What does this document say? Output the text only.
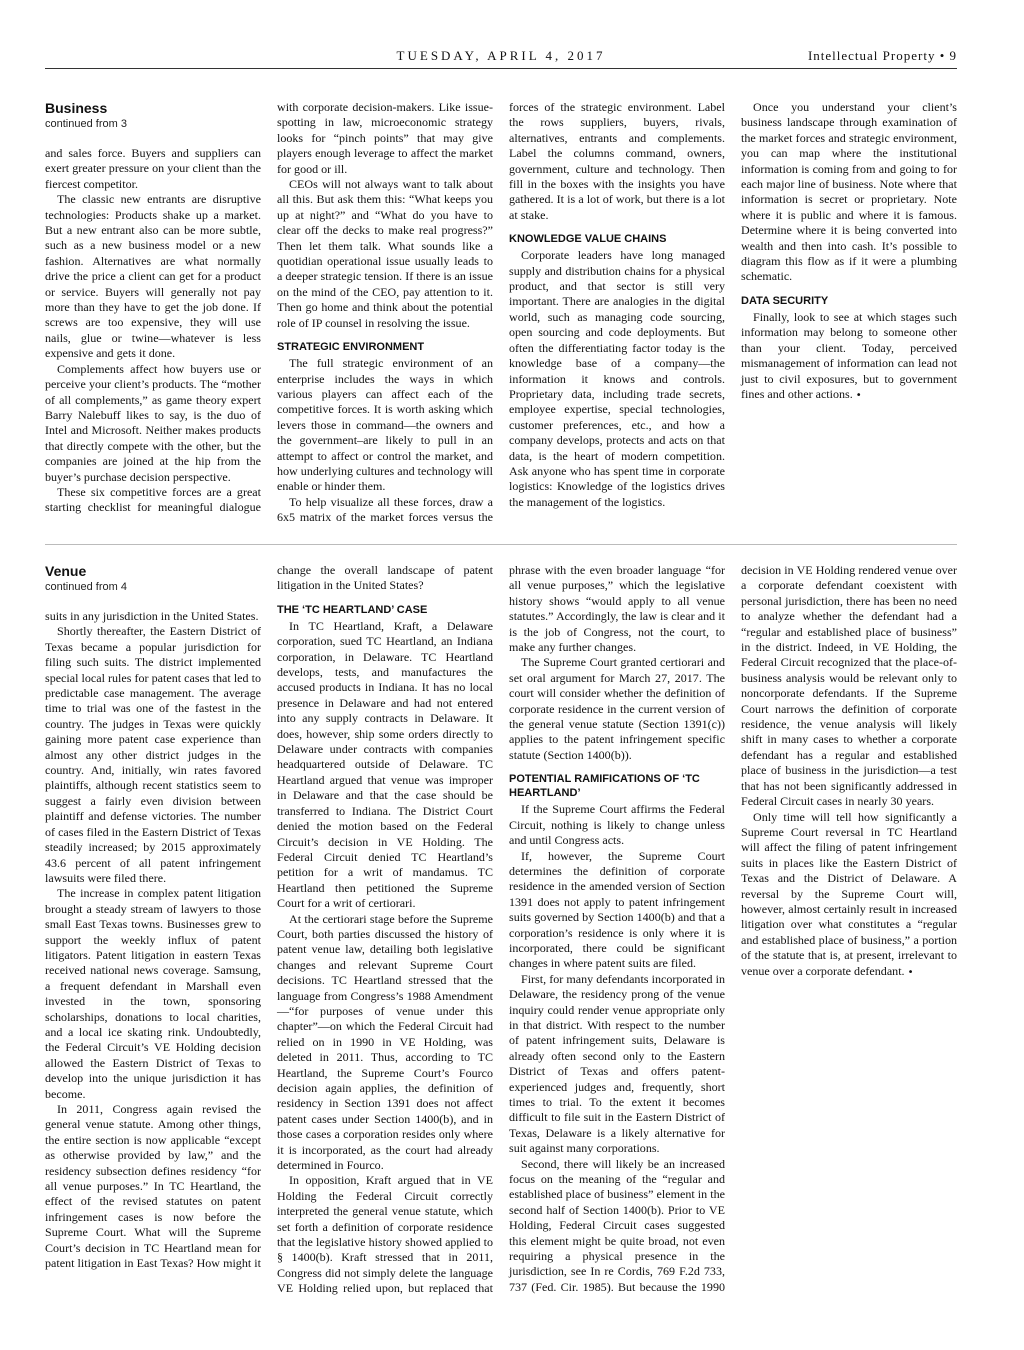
TUESDAY, APRIL 4, 2017	Intellectual Property • 9
Business
continued from 3

and sales force. Buyers and suppliers can exert greater pressure on your client than the fiercest competitor.

The classic new entrants are disruptive technologies: Products shake up a market. But a new entrant also can be more subtle, such as a new business model or a new fashion. Alternatives are what normally drive the price a client can get for a product or service. Buyers will generally not pay more than they have to get the job done. If screws are too expensive, they will use nails, glue or twine—whatever is less expensive and gets it done.

Complements affect how buyers use or perceive your client’s products. The “mother of all complements,” as game theory expert Barry Nalebuff likes to say, is the duo of Intel and Microsoft. Neither makes products that directly compete with the other, but the companies are joined at the hip from the buyer’s purchase decision perspective.

These six competitive forces are a great starting checklist for meaningful dialogue with corporate decision-makers. Like issue-spotting in law, microeconomic strategy looks for “pinch points” that may give players enough leverage to affect the market for good or ill.

CEOs will not always want to talk about all this. But ask them this: “What keeps you up at night?” and “What do you have to clear off the decks to make real progress?” Then let them talk. What sounds like a quotidian operational issue usually leads to a deeper strategic tension. If there is an issue on the mind of the CEO, pay attention to it. Then go home and think about the potential role of IP counsel in resolving the issue.

STRATEGIC ENVIRONMENT

The full strategic environment of an enterprise includes the ways in which various players can affect each of the competitive forces. It is worth asking which levers those in command—the owners and the government–are likely to pull in an attempt to affect or control the market, and how underlying cultures and technology will enable or hinder them.

To help visualize all these forces, draw a 6x5 matrix of the market forces versus the forces of the strategic environment. Label the rows suppliers, buyers, rivals, alternatives, entrants and complements. Label the columns command, owners, government, culture and technology. Then fill in the boxes with the insights you have gathered. It is a lot of work, but there is a lot at stake.

KNOWLEDGE VALUE CHAINS

Corporate leaders have long managed supply and distribution chains for a physical product, and that sector is still very important. There are analogies in the digital world, such as managing code sourcing, open sourcing and code deployments. But often the differentiating factor today is the knowledge base of a company—the information it knows and controls. Proprietary data, including trade secrets, employee expertise, special technologies, customer preferences, etc., and how a company develops, protects and acts on that data, is the heart of modern competition. Ask anyone who has spent time in corporate logistics: Knowledge of the logistics drives the management of the logistics.

Once you understand your client’s business landscape through examination of the market forces and strategic environment, you can map where the institutional information is coming from and going to for each major line of business. Note where that information is secret or proprietary. Note where it is public and where it is famous. Determine where it is being converted into wealth and then into cash. It’s possible to diagram this flow as if it were a plumbing schematic.

DATA SECURITY

Finally, look to see at which stages such information may belong to someone other than your client. Today, perceived mismanagement of information can lead not just to civil exposures, but to government fines and other actions. •

Venue
continued from 4

suits in any jurisdiction in the United States.

Shortly thereafter, the Eastern District of Texas became a popular jurisdiction for filing such suits. The district implemented special local rules for patent cases that led to predictable case management. The average time to trial was one of the fastest in the country. The judges in Texas were quickly gaining more patent case experience than almost any other district judges in the country. And, initially, win rates favored plaintiffs, although recent statistics seem to suggest a fairly even division between plaintiff and defense victories. The number of cases filed in the Eastern District of Texas steadily increased; by 2015 approximately 43.6 percent of all patent infringement lawsuits were filed there.

The increase in complex patent litigation brought a steady stream of lawyers to those small East Texas towns. Businesses grew to support the weekly influx of patent litigators. Patent litigation in eastern Texas received national news coverage. Samsung, a frequent defendant in Marshall even invested in the town, sponsoring scholarships, donations to local charities, and a local ice skating rink. Undoubtedly, the Federal Circuit’s VE Holding decision allowed the Eastern District of Texas to develop into the unique jurisdiction it has become.

In 2011, Congress again revised the general venue statute. Among other things, the entire section is now applicable “except as otherwise provided by law,” and the residency subsection defines residency “for all venue purposes.” In TC Heartland, the effect of the revised statutes on patent infringement cases is now before the Supreme Court. What will the Supreme Court’s decision in TC Heartland mean for patent litigation in East Texas? How might it change the overall landscape of patent litigation in the United States?

THE ‘TC HEARTLAND’ CASE

In TC Heartland, Kraft, a Delaware corporation, sued TC Heartland, an Indiana corporation, in Delaware. TC Heartland develops, tests, and manufactures the accused products in Indiana. It has no local presence in Delaware and had not entered into any supply contracts in Delaware. It does, however, ship some orders directly to Delaware under contracts with companies headquartered outside of Delaware. TC Heartland argued that venue was improper in Delaware and that the case should be transferred to Indiana. The District Court denied the motion based on the Federal Circuit’s decision in VE Holding. The Federal Circuit denied TC Heartland’s petition for a writ of mandamus. TC Heartland then petitioned the Supreme Court for a writ of certiorari.

At the certiorari stage before the Supreme Court, both parties discussed the history of patent venue law, detailing both legislative changes and relevant Supreme Court decisions. TC Heartland stressed that the language from Congress’s 1988 Amendment—“for purposes of venue under this chapter”—on which the Federal Circuit had relied on in 1990 in VE Holding, was deleted in 2011. Thus, according to TC Heartland, the Supreme Court’s Fourco decision again applies, the definition of residency in Section 1391 does not affect patent cases under Section 1400(b), and in those cases a corporation resides only where it is incorporated, as the court had already determined in Fourco.

In opposition, Kraft argued that in VE Holding the Federal Circuit correctly interpreted the general venue statute, which set forth a definition of corporate residence that the legislative history showed applied to § 1400(b). Kraft stressed that in 2011, Congress did not simply delete the language VE Holding relied upon, but replaced that phrase with the even broader language “for all venue purposes,” which the legislative history shows “would apply to all venue statutes.” Accordingly, the law is clear and it is the job of Congress, not the court, to make any further changes.

The Supreme Court granted certiorari and set oral argument for March 27, 2017. The court will consider whether the definition of corporate residence in the current version of the general venue statute (Section 1391(c)) applies to the patent infringement specific statute (Section 1400(b)).

POTENTIAL RAMIFICATIONS OF ‘TC HEARTLAND’

If the Supreme Court affirms the Federal Circuit, nothing is likely to change unless and until Congress acts.

If, however, the Supreme Court determines the definition of corporate residence in the amended version of Section 1391 does not apply to patent infringement suits governed by Section 1400(b) and that a corporation’s residence is only where it is incorporated, there could be significant changes in where patent suits are filed.

First, for many defendants incorporated in Delaware, the residency prong of the venue inquiry could render venue appropriate only in that district. With respect to the number of patent infringement suits, Delaware is already often second only to the Eastern District of Texas and offers patent-experienced judges and, frequently, short times to trial. To the extent it becomes difficult to file suit in the Eastern District of Texas, Delaware is a likely alternative for suit against many corporations.

Second, there will likely be an increased focus on the meaning of the “regular and established place of business” element in the second half of Section 1400(b). Prior to VE Holding, Federal Circuit cases suggested this element might be quite broad, not even requiring a physical presence in the jurisdiction, see In re Cordis, 769 F.2d 733, 737 (Fed. Cir. 1985). But because the 1990 decision in VE Holding rendered venue over a corporate defendant coexistent with personal jurisdiction, there has been no need to analyze whether the defendant had a “regular and established place of business” in the district. Indeed, in VE Holding, the Federal Circuit recognized that the place-of-business analysis would be relevant only to noncorporate defendants. If the Supreme Court narrows the definition of corporate residence, the venue analysis will likely shift in many cases to whether a corporate defendant has a regular and established place of business in the jurisdiction—a test that has not been significantly addressed in Federal Circuit cases in nearly 30 years.

Only time will tell how significantly a Supreme Court reversal in TC Heartland will affect the filing of patent infringement suits in places like the Eastern District of Texas and the District of Delaware. A reversal by the Supreme Court will, however, almost certainly result in increased litigation over what constitutes a “regular and established place of business,” a portion of the statute that is, at present, irrelevant to venue over a corporate defendant. •
